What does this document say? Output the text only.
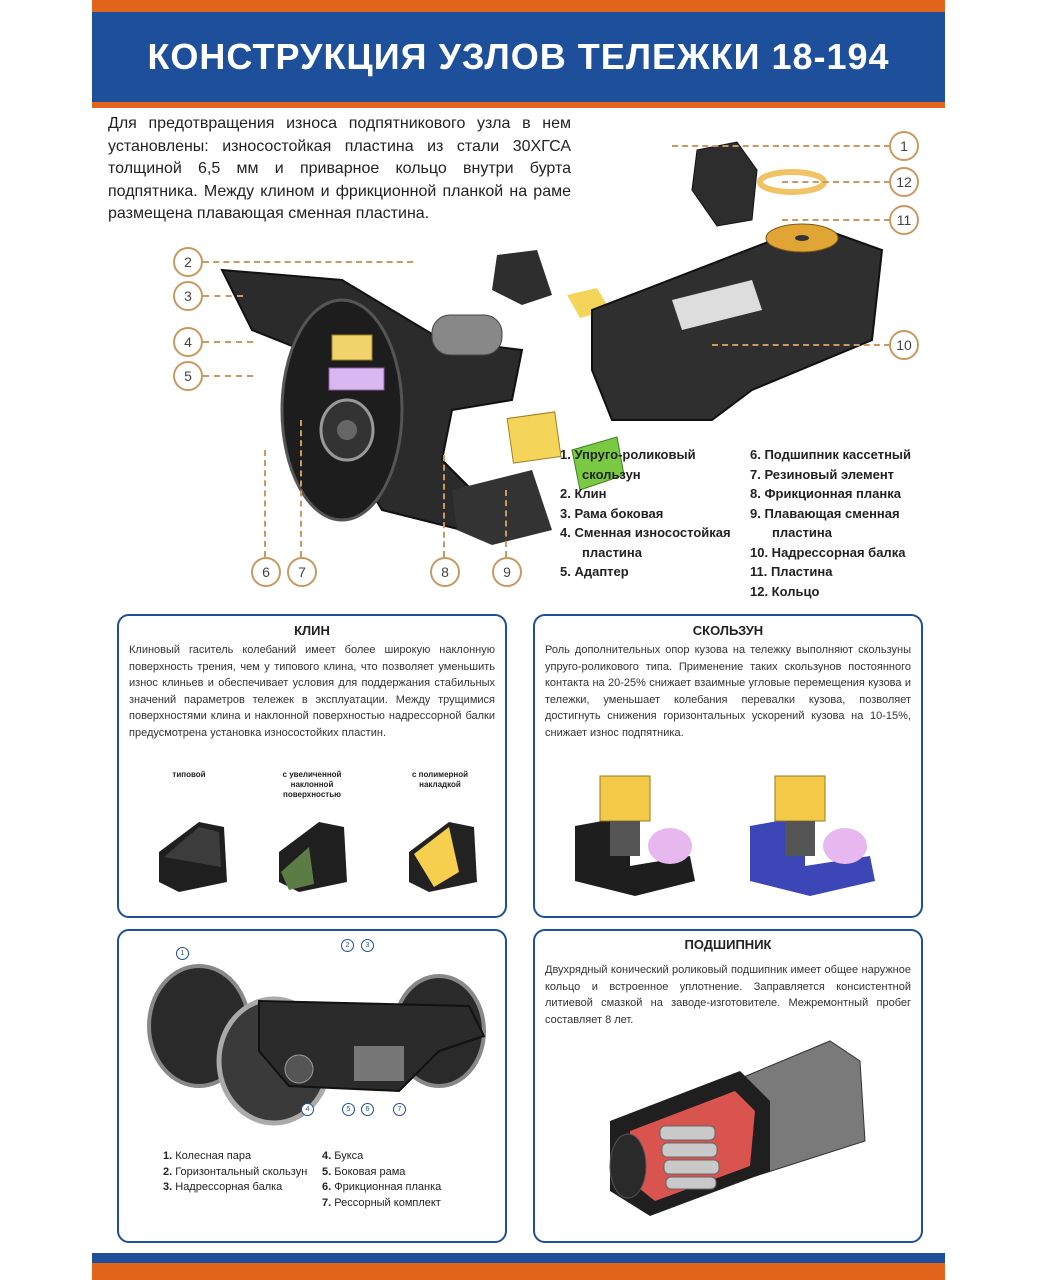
КОНСТРУКЦИЯ УЗЛОВ ТЕЛЕЖКИ 18-194
Для предотвращения износа подпятникового узла в нем установлены: износостойкая пластина из стали 30ХГСА толщиной 6,5 мм и приварное кольцо внутри бурта подпятника. Между клином и фрикционной планкой на раме размещена плавающая сменная пластина.
1
12
11
10
2
3
4
5
6	7	8	9
1. Упруго-роликовый скользун
2. Клин
3. Рама боковая
4. Сменная износостойкая пластина
5. Адаптер
6. Подшипник кассетный
7. Резиновый элемент
8. Фрикционная планка
9. Плавающая сменная пластина
10. Надрессорная балка
11. Пластина
12. Кольцо
КЛИН

Клиновый гаситель колебаний имеет более широкую наклонную поверхность трения, чем у типового клина, что позволяет уменьшить износ клиньев и обеспечивает условия для поддержания стабильных значений параметров тележек в эксплуатации. Между трущимися поверхностями клина и наклонной поверхностью надрессорной балки предусмотрена установка износостойких пластин.

типовой	с увеличенной наклонной поверхностью
с полимерной накладкой
СКОЛЬЗУН

Роль дополнительных опор кузова на тележку выполняют скользуны упруго-роликового типа. Применение таких скользунов постоянного контакта на 20-25% снижает взаимные угловые перемещения кузова и тележки, уменьшает колебания перевалки кузова, позволяет достигнуть снижения горизонтальных ускорений кузова на 10-15%, снижает износ подпятника.

1
2	3
4	5	6	7
1. Колесная пара
2. Горизонтальный скользун
3. Надрессорная балка
4. Букса
5. Боковая рама
6. Фрикционная планка
7. Рессорный комплект
ПОДШИПНИК

Двухрядный конический роликовый подшипник имеет общее наружное кольцо и встроенное уплотнение. Заправляется консистентной литиевой смазкой на заводе-изготовителе. Межремонтный пробег составляет 8 лет.
